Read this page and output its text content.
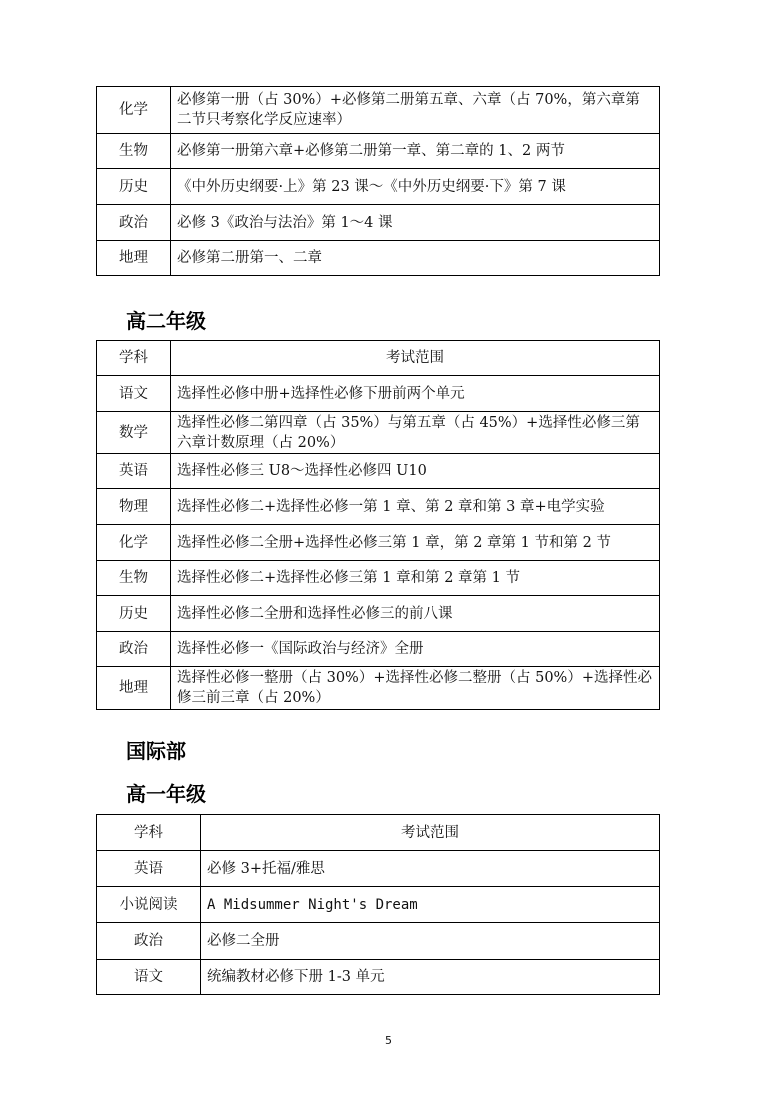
化学	必修第一册（占 30%）+必修第二册第五章、六章（占 70%，第六章第二节只考察化学反应速率）
生物	必修第一册第六章+必修第二册第一章、第二章的 1、2 两节
历史	《中外历史纲要·上》第 23 课～《中外历史纲要·下》第 7 课
政治	必修 3《政治与法治》第 1～4 课
地理	必修第二册第一、二章
高二年级
学科	考试范围
语文	选择性必修中册+选择性必修下册前两个单元
数学	选择性必修二第四章（占 35%）与第五章（占 45%）+选择性必修三第六章计数原理（占 20%）
英语	选择性必修三 U8～选择性必修四 U10
物理	选择性必修二+选择性必修一第 1 章、第 2 章和第 3 章+电学实验
化学	选择性必修二全册+选择性必修三第 1 章，第 2 章第 1 节和第 2 节
生物	选择性必修二+选择性必修三第 1 章和第 2 章第 1 节
历史	选择性必修二全册和选择性必修三的前八课
政治	选择性必修一《国际政治与经济》全册
地理	选择性必修一整册（占 30%）+选择性必修二整册（占 50%）+选择性必修三前三章（占 20%）
国际部
高一年级
学科	考试范围
英语	必修 3+托福/雅思
小说阅读	A Midsummer Night's Dream
政治	必修二全册
语文	统编教材必修下册 1-3 单元
5
